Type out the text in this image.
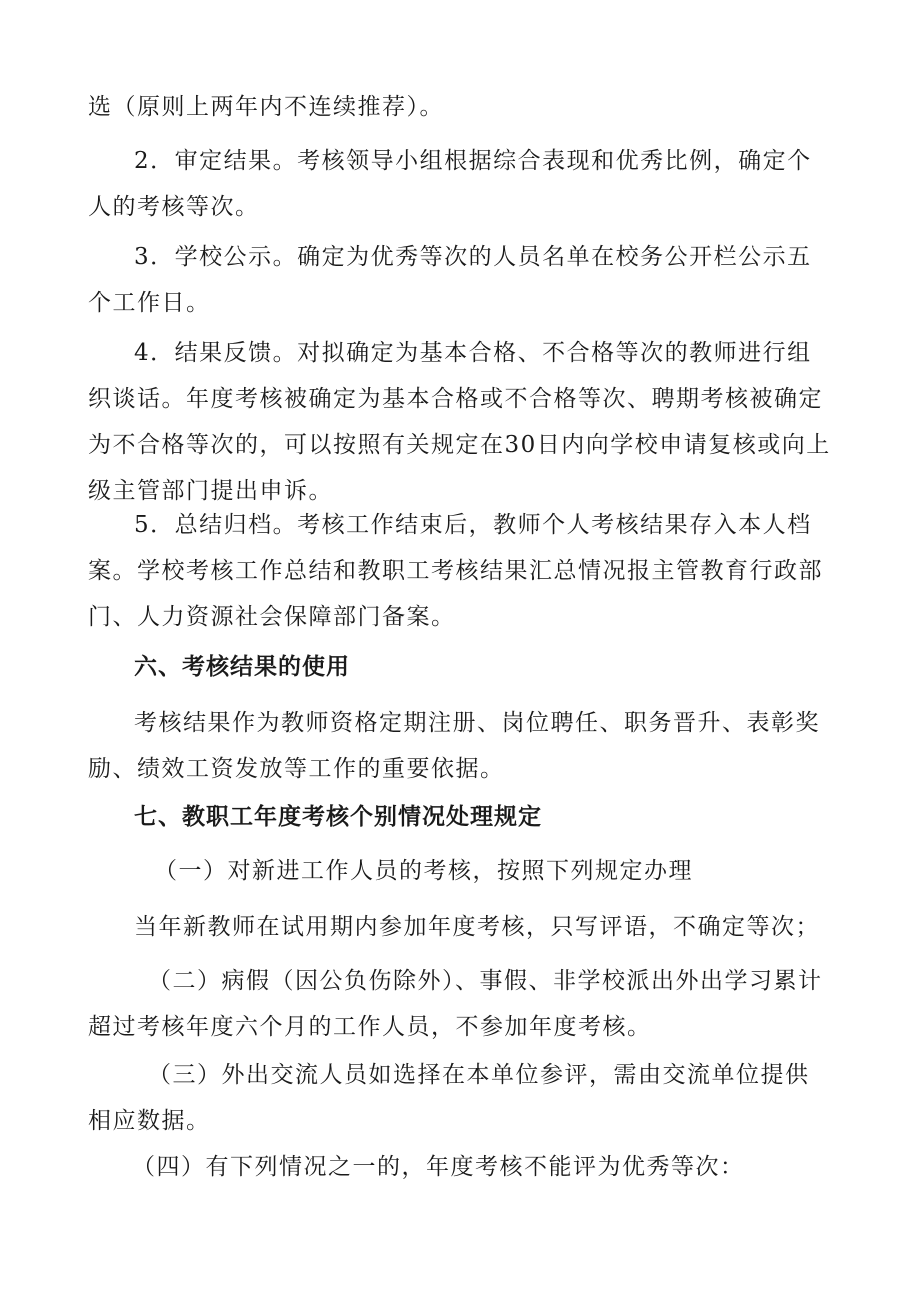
选（原则上两年内不连续推荐）。

2．审定结果。考核领导小组根据综合表现和优秀比例，确定个人的考核等次。

3．学校公示。确定为优秀等次的人员名单在校务公开栏公示五个工作日。

4．结果反馈。对拟确定为基本合格、不合格等次的教师进行组织谈话。年度考核被确定为基本合格或不合格等次、聘期考核被确定为不合格等次的，可以按照有关规定在30日内向学校申请复核或向上级主管部门提出申诉。

5．总结归档。考核工作结束后，教师个人考核结果存入本人档案。学校考核工作总结和教职工考核结果汇总情况报主管教育行政部门、人力资源社会保障部门备案。

六、考核结果的使用

考核结果作为教师资格定期注册、岗位聘任、职务晋升、表彰奖励、绩效工资发放等工作的重要依据。

七、教职工年度考核个别情况处理规定

（一）对新进工作人员的考核，按照下列规定办理

当年新教师在试用期内参加年度考核，只写评语，不确定等次；

（二）病假（因公负伤除外）、事假、非学校派出外出学习累计超过考核年度六个月的工作人员，不参加年度考核。

（三）外出交流人员如选择在本单位参评，需由交流单位提供相应数据。

（四）有下列情况之一的，年度考核不能评为优秀等次：
